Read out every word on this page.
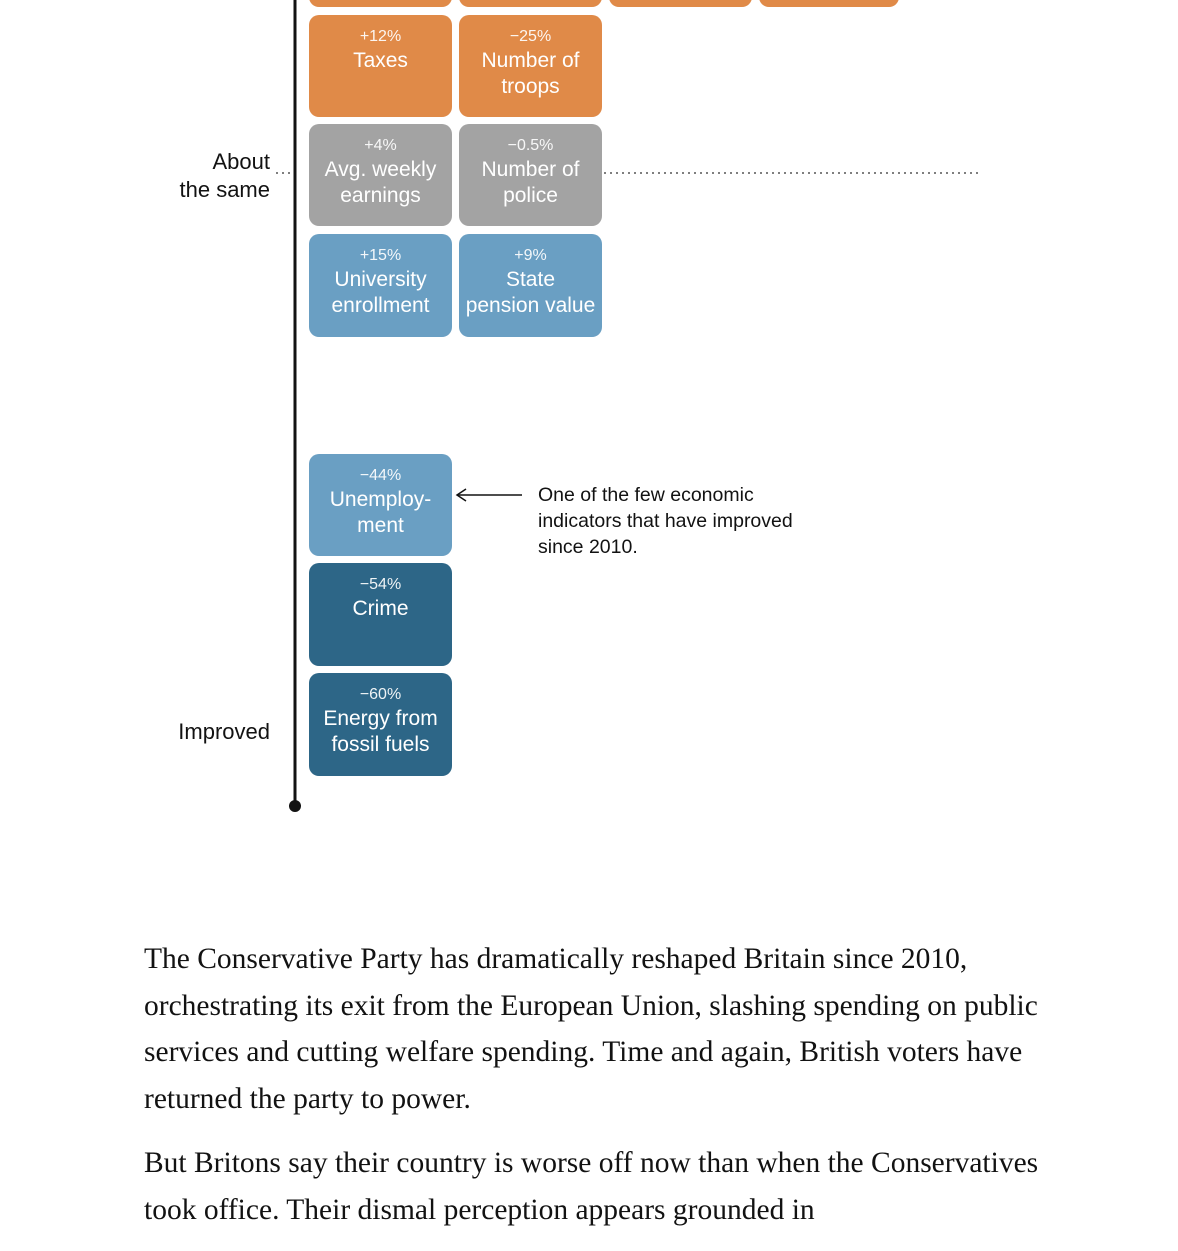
About
the same
Improved
+12%
Taxes
−25%
Number of
troops
+4%
Avg. weekly
earnings
−0.5%
Number of
police
+15%
University
enrollment
+9%
State
pension value
−44%
Unemploy-
ment
−54%
Crime
−60%
Energy from
fossil fuels
One of the few economic indicators that have improved since 2010.

The Conservative Party has dramatically reshaped Britain since 2010, orchestrating its exit from the European Union, slashing spending on public services and cutting welfare spending. Time and again, British voters have returned the party to power.

But Britons say their country is worse off now than when the Conservatives took office. Their dismal perception appears grounded in
